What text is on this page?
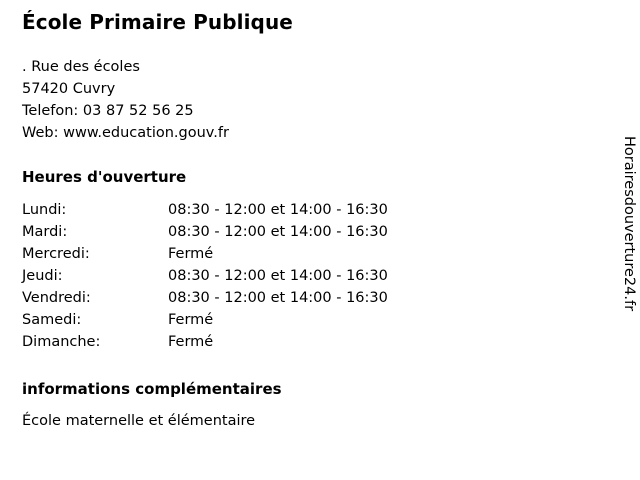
École Primaire Publique
. Rue des écoles
57420 Cuvry
Telefon: 03 87 52 56 25
Web: www.education.gouv.fr
Heures d'ouverture
Lundi:	08:30 - 12:00 et 14:00 - 16:30
Mardi:	08:30 - 12:00 et 14:00 - 16:30
Mercredi:	Fermé
Jeudi:	08:30 - 12:00 et 14:00 - 16:30
Vendredi:	08:30 - 12:00 et 14:00 - 16:30
Samedi:	Fermé
Dimanche:	Fermé
informations complémentaires
École maternelle et élémentaire
Horairesdouverture24.fr
